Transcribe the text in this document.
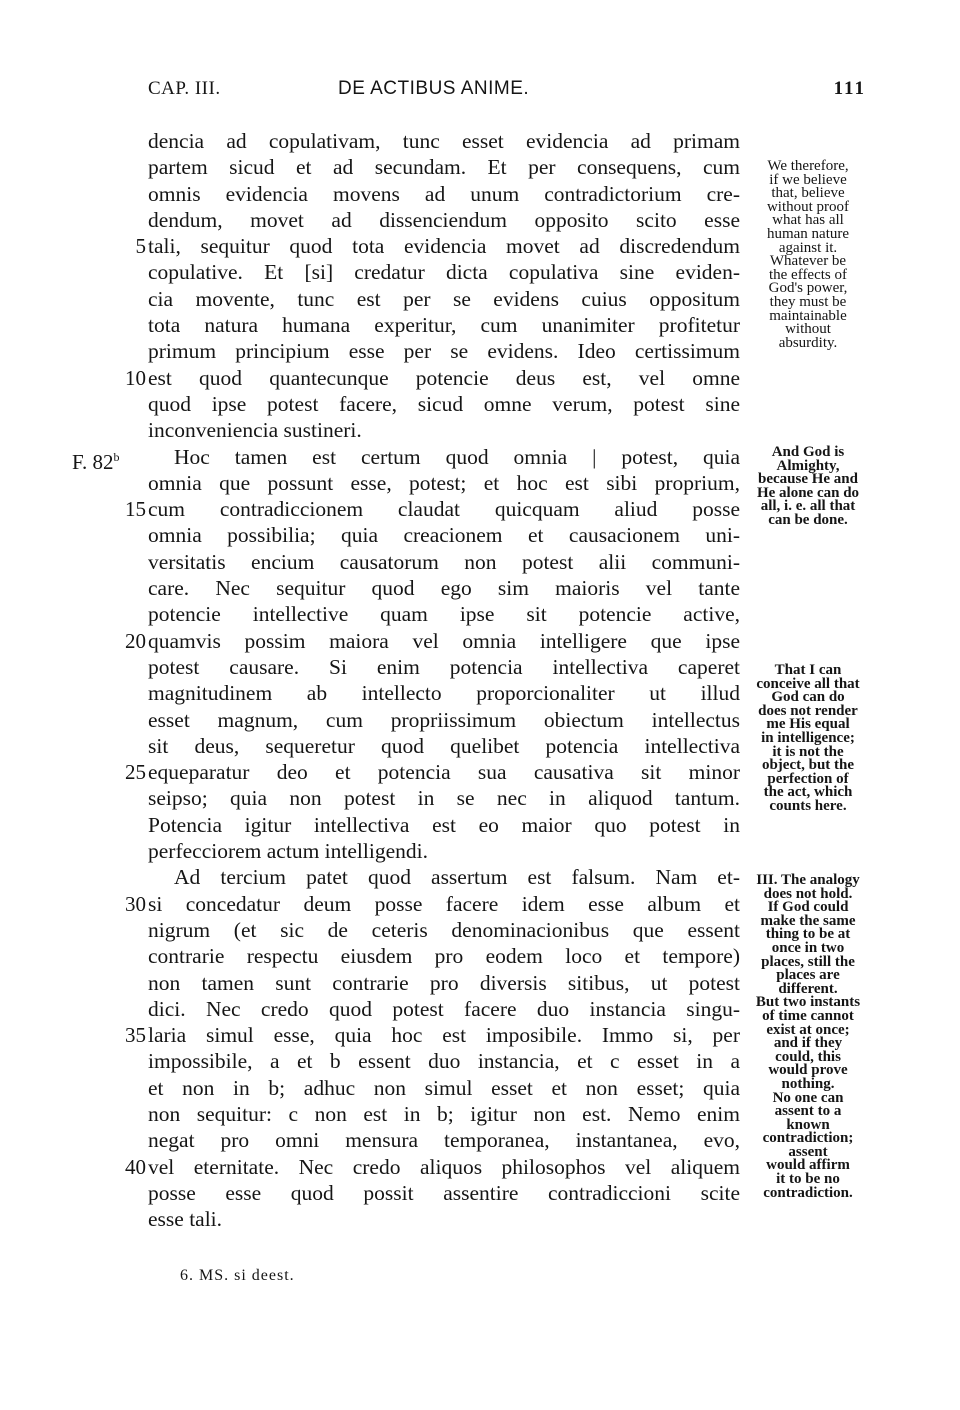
CAP. III.	DE ACTIBUS ANIME.	111
dencia ad copulativam, tunc esset evidencia ad primam
partem sicud et ad secundam. Et per consequens, cum
omnis evidencia movens ad unum contradictorium cre-
dendum, movet ad dissenciendum opposito scito esse
5 tali, sequitur quod tota evidencia movet ad discredendum
copulative. Et [si] credatur dicta copulativa sine eviden-
cia movente, tunc est per se evidens cuius oppositum
tota natura humana experitur, cum unanimiter profitetur
primum principium esse per se evidens. Ideo certissimum
10 est quod quantecunque potencie deus est, vel omne
quod ipse potest facere, sicud omne verum, potest sine
inconveniencia sustineri.
F. 82$^b$	Hoc tamen est certum quod omnia | potest, quia
omnia que possunt esse, potest; et hoc est sibi proprium,
15 cum contradiccionem claudat quicquam aliud posse
omnia possibilia; quia creacionem et causacionem uni-
versitatis encium causatorum non potest alii communi-
care. Nec sequitur quod ego sim maioris vel tante
potencie intellective quam ipse sit potencie active,
20 quamvis possim maiora vel omnia intelligere que ipse
potest causare. Si enim potencia intellectiva caperet
magnitudinem ab intellecto proporcionaliter ut illud
esset magnum, cum propriissimum obiectum intellectus
sit deus, sequeretur quod quelibet potencia intellectiva
25 equeparatur deo et potencia sua causativa sit minor
seipso; quia non potest in se nec in aliquod tantum.
Potencia igitur intellectiva est eo maior quo potest in
perfecciorem actum intelligendi.
Ad tercium patet quod assertum est falsum. Nam et-
30 si concedatur deum posse facere idem esse album et
nigrum (et sic de ceteris denominacionibus que essent
contrarie respectu eiusdem pro eodem loco et tempore)
non tamen sunt contrarie pro diversis sitibus, ut potest
dici. Nec credo quod potest facere duo instancia singu-
35 laria simul esse, quia hoc est imposibile. Immo si, per
impossibile, a et b essent duo instancia, et c esset in a
et non in b; adhuc non simul esset et non esset; quia
non sequitur: c non est in b; igitur non est. Nemo enim
negat pro omni mensura temporanea, instantanea, evo,
40 vel eternitate. Nec credo aliquos philosophos vel aliquem
posse esse quod possit assentire contradiccioni scite
esse tali.
We therefore,
if we believe
that, believe
without proof
what has all
human nature
against it.
Whatever be
the effects of
God's power,
they must be
maintainable
without
absurdity.
And God is
Almighty,
because He and
He alone can do
all, i. e. all that
can be done.
That I can
conceive all that
God can do
does not render
me His equal
in intelligence;
it is not the
object, but the
perfection of
the act, which
counts here.
III. The analogy
does not hold.
If God could
make the same
thing to be at
once in two
places, still the
places are
different.
But two instants
of time cannot
exist at once;
and if they
could, this
would prove
nothing.
No one can
assent to a
known
contradiction;
assent
would affirm
it to be no
contradiction.
6. MS. si deest.
